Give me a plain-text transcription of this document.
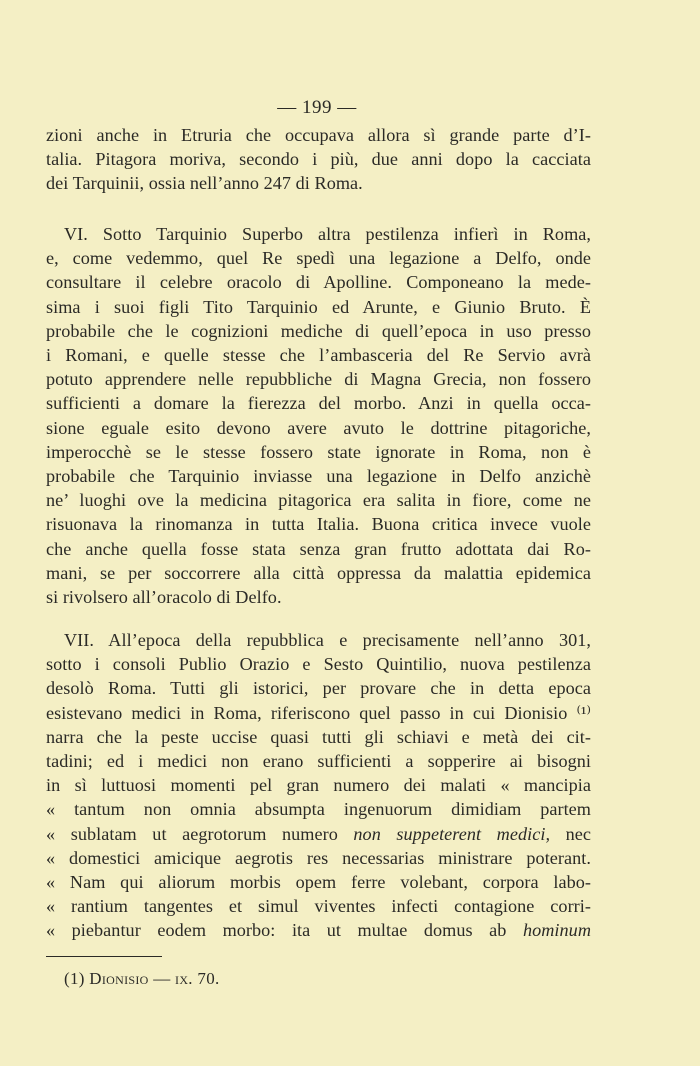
— 199 —
zioni anche in Etruria che occupava allora sì grande parte d’I-
talia. Pitagora moriva, secondo i più, due anni dopo la cacciata
dei Tarquinii, ossia nell’anno 247 di Roma.
VI. Sotto Tarquinio Superbo altra pestilenza infierì in Roma,
e, come vedemmo, quel Re spedì una legazione a Delfo, onde
consultare il celebre oracolo di Apolline. Componeano la mede-
sima i suoi figli Tito Tarquinio ed Arunte, e Giunio Bruto. È
probabile che le cognizioni mediche di quell’epoca in uso presso
i Romani, e quelle stesse che l’ambasceria del Re Servio avrà
potuto apprendere nelle repubbliche di Magna Grecia, non fossero
sufficienti a domare la fierezza del morbo. Anzi in quella occa-
sione eguale esito devono avere avuto le dottrine pitagoriche,
imperocchè se le stesse fossero state ignorate in Roma, non è
probabile che Tarquinio inviasse una legazione in Delfo anzichè
ne’ luoghi ove la medicina pitagorica era salita in fiore, come ne
risuonava la rinomanza in tutta Italia. Buona critica invece vuole
che anche quella fosse stata senza gran frutto adottata dai Ro-
mani, se per soccorrere alla città oppressa da malattia epidemica
si rivolsero all’oracolo di Delfo.
VII. All’epoca della repubblica e precisamente nell’anno 301,
sotto i consoli Publio Orazio e Sesto Quintilio, nuova pestilenza
desolò Roma. Tutti gli istorici, per provare che in detta epoca
esistevano medici in Roma, riferiscono quel passo in cui Dionisio ⁽¹⁾
narra che la peste uccise quasi tutti gli schiavi e metà dei cit-
tadini; ed i medici non erano sufficienti a sopperire ai bisogni
in sì luttuosi momenti pel gran numero dei malati « mancipia
« tantum non omnia absumpta ingenuorum dimidiam partem
« sublatam ut aegrotorum numero non suppeterent medici, nec
« domestici amicique aegrotis res necessarias ministrare poterant.
« Nam qui aliorum morbis opem ferre volebant, corpora labo-
« rantium tangentes et simul viventes infecti contagione corri-
« piebantur eodem morbo: ita ut multae domus ab hominum
(1) Dionisio — ix. 70.
